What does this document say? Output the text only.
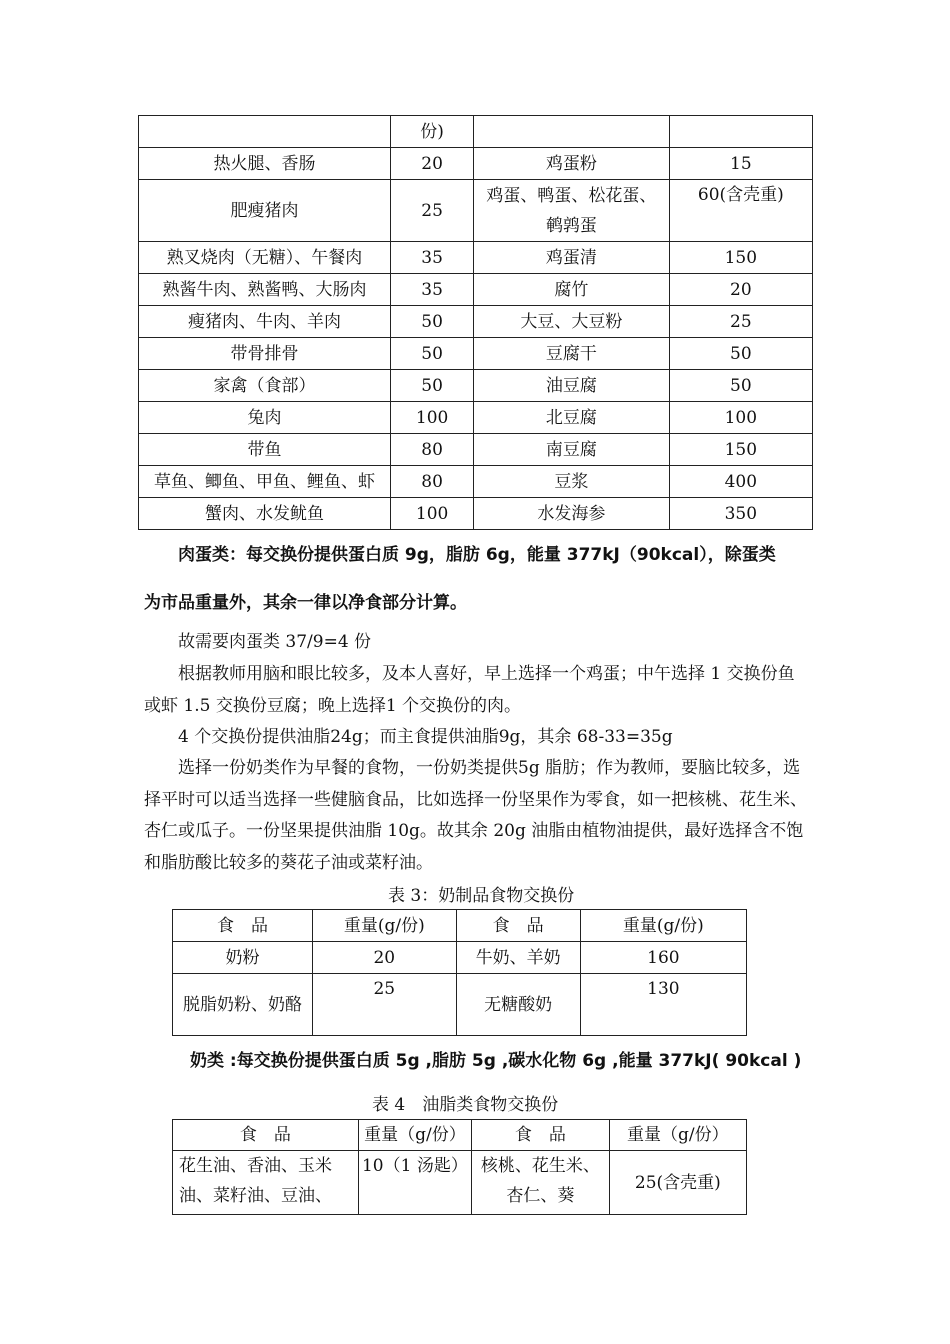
	份)		
热火腿、香肠	20	鸡蛋粉	15
肥瘦猪肉	25	鸡蛋、鸭蛋、松花蛋、鹌鹑蛋	60(含壳重)
熟叉烧肉（无糖）、午餐肉	35	鸡蛋清	150
熟酱牛肉、熟酱鸭、大肠肉	35	腐竹	20
瘦猪肉、牛肉、羊肉	50	大豆、大豆粉	25
带骨排骨	50	豆腐干	50
家禽（食部）	50	油豆腐	50
兔肉	100	北豆腐	100
带鱼	80	南豆腐	150
草鱼、鲫鱼、甲鱼、鲤鱼、虾	80	豆浆	400
蟹肉、水发鱿鱼	100	水发海参	350
肉蛋类：每交换份提供蛋白质 9g，脂肪 6g，能量 377kJ（90kcal），除蛋类
为市品重量外，其余一律以净食部分计算。
故需要肉蛋类 37/9=4 份
根据教师用脑和眼比较多，及本人喜好，早上选择一个鸡蛋；中午选择 1 交换份鱼或虾 1.5 交换份豆腐；晚上选择1 个交换份的肉。
4 个交换份提供油脂24g；而主食提供油脂9g，其余 68-33=35g
选择一份奶类作为早餐的食物，一份奶类提供5g 脂肪；作为教师，要脑比较多，选择平时可以适当选择一些健脑食品，比如选择一份坚果作为零食，如一把核桃、花生米、杏仁或瓜子。一份坚果提供油脂 10g。故其余 20g 油脂由植物油提供，最好选择含不饱和脂肪酸比较多的葵花子油或菜籽油。
表 3：奶制品食物交换份
食　品	重量(g/份)	食　品	重量(g/份)
奶粉	20	牛奶、羊奶	160
脱脂奶粉、奶酪	25	无糖酸奶	130
奶类 :每交换份提供蛋白质 5g ,脂肪 5g ,碳水化物 6g ,能量 377kJ( 90kcal )
表 4　油脂类食物交换份
食　品	重量（g/份）	食　品	重量（g/份）
花生油、香油、玉米油、菜籽油、豆油、	10（1 汤匙）	核桃、花生米、杏仁、葵	25(含壳重)
